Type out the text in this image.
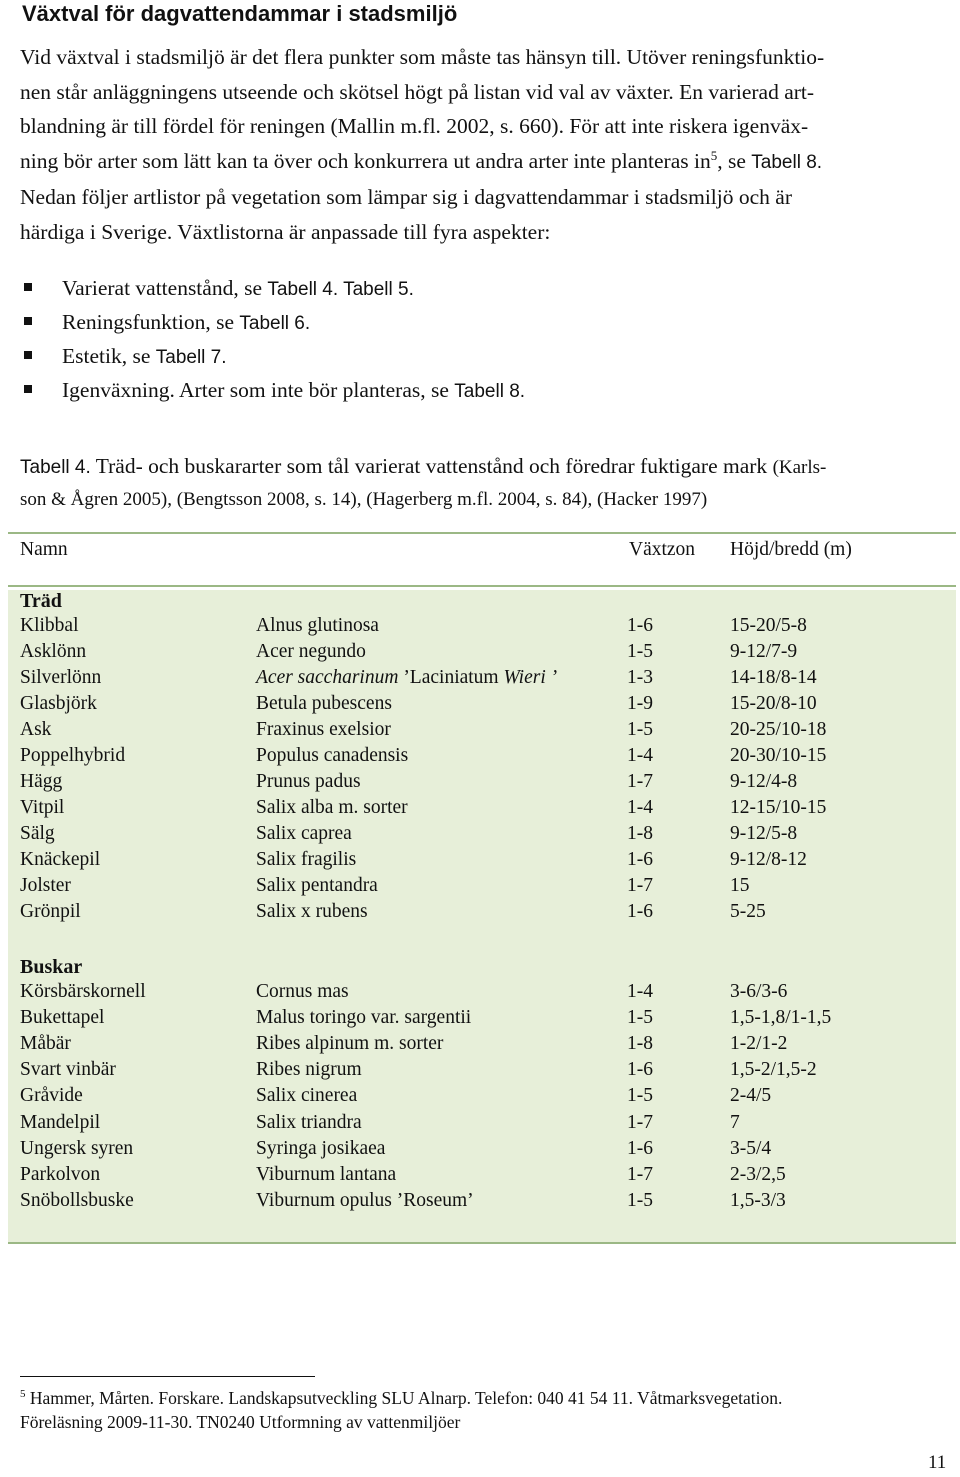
Växtval för dagvattendammar i stadsmiljö
Vid växtval i stadsmiljö är det flera punkter som måste tas hänsyn till. Utöver reningsfunktio-
nen står anläggningens utseende och skötsel högt på listan vid val av växter. En varierad art-
blandning är till fördel för reningen (Mallin m.fl. 2002, s. 660). För att inte riskera igenväx-
ning bör arter som lätt kan ta över och konkurrera ut andra arter inte planteras $in^5$, se Tabell 8.
Nedan följer artlistor på vegetation som lämpar sig i dagvattendammar i stadsmiljö och är
härdiga i Sverige. Växtlistorna är anpassade till fyra aspekter:
Varierat vattenstånd, se Tabell 4. Tabell 5.
Reningsfunktion, se Tabell 6.
Estetik, se Tabell 7.
Igenväxning. Arter som inte bör planteras, se Tabell 8.
Tabell 4. Träd- och buskararter som tål varierat vattenstånd och föredrar fuktigare mark (Karls-
son & Ågren 2005), (Bengtsson 2008, s. 14), (Hagerberg m.fl. 2004, s. 84), (Hacker 1997)
Namn	Växtzon Höjd/bredd (m)
Träd
Klibbal	Alnus glutinosa	1-6	15-20/5-8
Asklönn	Acer negundo	1-5	9-12/7-9
Silverlönn	Acer saccharinum ’Laciniatum Wieri ’	1-3	14-18/8-14
Glasbjörk	Betula pubescens	1-9	15-20/8-10
Ask	Fraxinus exelsior	1-5	20-25/10-18
Poppelhybrid	Populus canadensis	1-4	20-30/10-15
Hägg	Prunus padus	1-7	9-12/4-8
Vitpil	Salix alba m. sorter	1-4	12-15/10-15
Sälg	Salix caprea	1-8	9-12/5-8
Knäckepil	Salix fragilis	1-6	9-12/8-12
Jolster	Salix pentandra	1-7	15
Grönpil	Salix x rubens	1-6	5-25
Buskar
Körsbärskornell	Cornus mas	1-4	3-6/3-6
Bukettapel	Malus toringo var. sargentii	1-5	1,5-1,8/1-1,5
Måbär	Ribes alpinum m. sorter	1-8	1-2/1-2
Svart vinbär	Ribes nigrum	1-6	1,5-2/1,5-2
Gråvide	Salix cinerea	1-5	2-4/5
Mandelpil	Salix triandra	1-7	7
Ungersk syren	Syringa josikaea	1-6	3-5/4
Parkolvon	Viburnum lantana	1-7	2-3/2,5
Snöbollsbuske	Viburnum opulus ’Roseum’	1-5	1,5-3/3
$^5$ Hammer, Mårten. Forskare. Landskapsutveckling SLU Alnarp. Telefon: 040 41 54 11. Våtmarksvegetation.
Föreläsning 2009-11-30. TN0240 Utformning av vattenmiljöer
11
